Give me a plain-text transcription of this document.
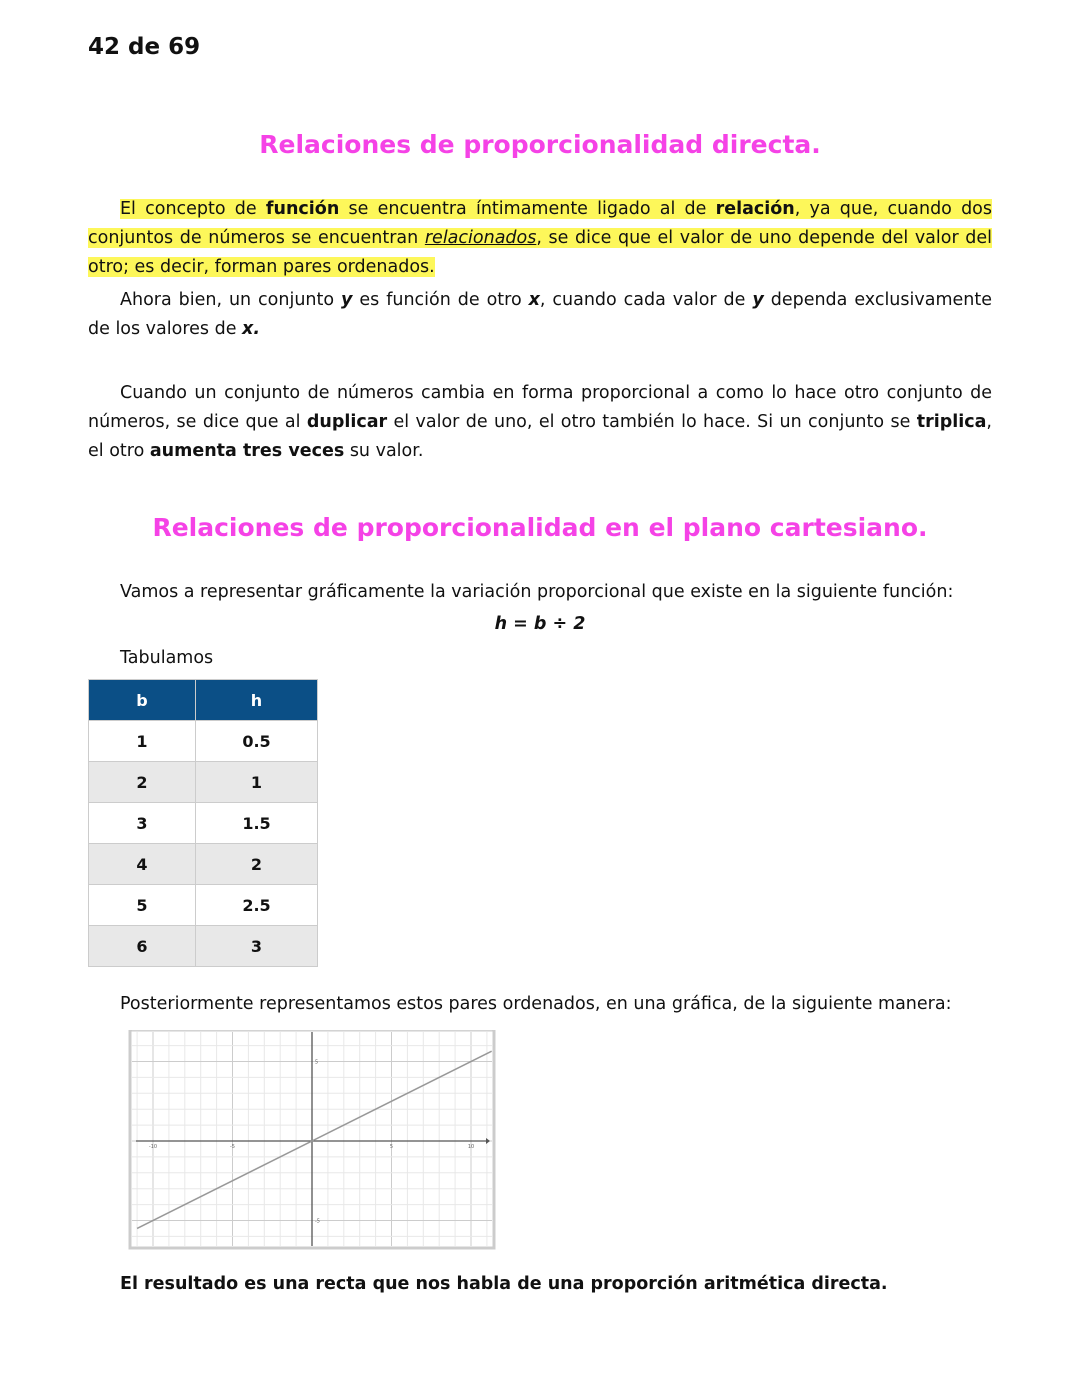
42 de 69
Relaciones de proporcionalidad directa.
El concepto de función se encuentra íntimamente ligado al de relación, ya que, cuando dos conjuntos de números se encuentran relacionados, se dice que el valor de uno depende del valor del otro; es decir, forman pares ordenados.
Ahora bien, un conjunto y es función de otro x, cuando cada valor de y dependa exclusivamente de los valores de x.
Cuando un conjunto de números cambia en forma proporcional a como lo hace otro conjunto de números, se dice que al duplicar el valor de uno, el otro también lo hace. Si un conjunto se triplica, el otro aumenta tres veces su valor.
Relaciones de proporcionalidad en el plano cartesiano.
Vamos a representar gráficamente la variación proporcional que existe en la siguiente función:
h = b ÷ 2
Tabulamos
b	h
1	0.5
2	1
3	1.5
4	2
5	2.5
6	3
Posteriormente representamos estos pares ordenados, en una gráfica, de la siguiente manera:
-10	-5	5	10
5
-5
El resultado es una recta que nos habla de una proporción aritmética directa.
